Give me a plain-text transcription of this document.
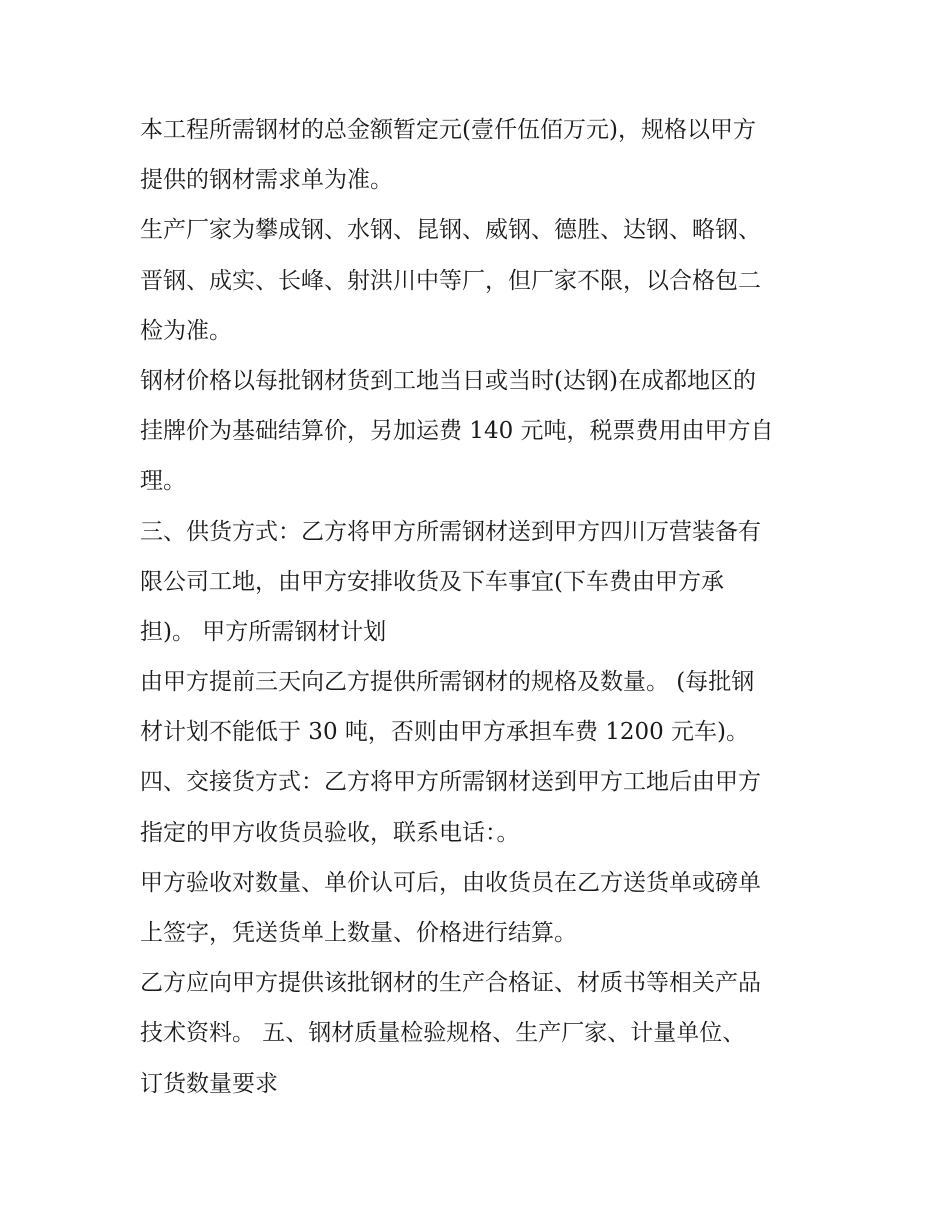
本工程所需钢材的总金额暂定元(壹仟伍佰万元)，规格以甲方
提供的钢材需求单为准。

生产厂家为攀成钢、水钢、昆钢、威钢、德胜、达钢、略钢、
晋钢、成实、长峰、射洪川中等厂，但厂家不限，以合格包二
检为准。

钢材价格以每批钢材货到工地当日或当时(达钢)在成都地区的
挂牌价为基础结算价，另加运费 140 元吨，税票费用由甲方自
理。

三、供货方式：乙方将甲方所需钢材送到甲方四川万营装备有
限公司工地，由甲方安排收货及下车事宜(下车费由甲方承
担)。 甲方所需钢材计划

由甲方提前三天向乙方提供所需钢材的规格及数量。 (每批钢
材计划不能低于 30 吨，否则由甲方承担车费 1200 元车)。

四、交接货方式：乙方将甲方所需钢材送到甲方工地后由甲方
指定的甲方收货员验收，联系电话：。

甲方验收对数量、单价认可后，由收货员在乙方送货单或磅单
上签字，凭送货单上数量、价格进行结算。

乙方应向甲方提供该批钢材的生产合格证、材质书等相关产品
技术资料。 五、钢材质量检验规格、生产厂家、计量单位、
订货数量要求
